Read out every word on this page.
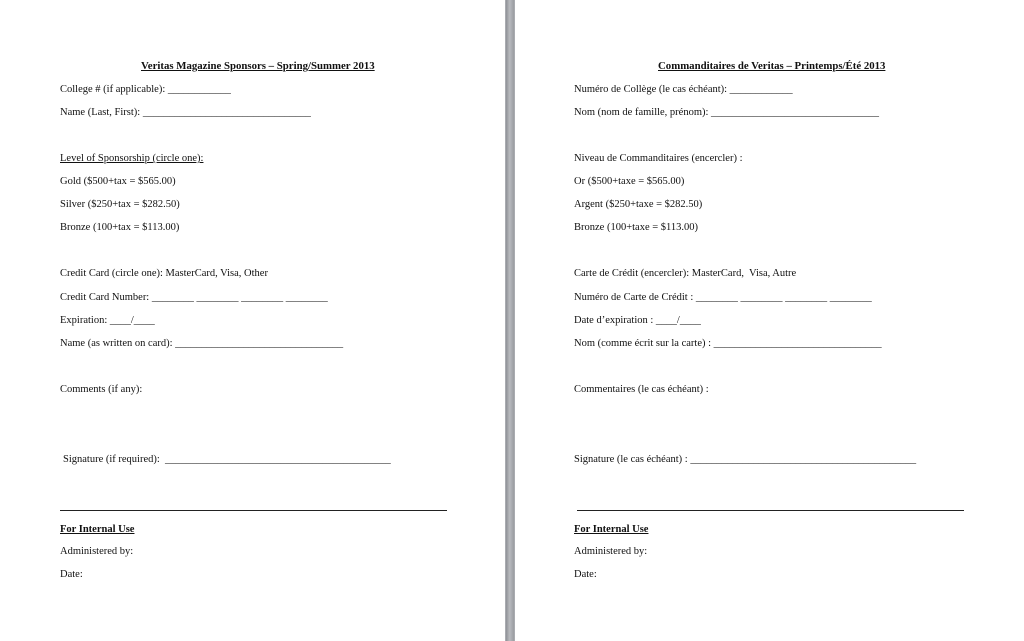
Veritas Magazine Sponsors – Spring/Summer 2013
College # (if applicable): ____________
Name (Last, First): ________________________________
Level of Sponsorship (circle one):
Gold ($500+tax = $565.00)
Silver ($250+tax = $282.50)
Bronze (100+tax = $113.00)
Credit Card (circle one): MasterCard, Visa, Other
Credit Card Number: ________ ________ ________ ________
Expiration: ____/____
Name (as written on card): ________________________________
Comments (if any):
Signature (if required):  ___________________________________________
For Internal Use
Administered by:
Date:
Commanditaires de Veritas – Printemps/Été 2013
Numéro de Collège (le cas échéant): ____________
Nom (nom de famille, prénom): ________________________________
Niveau de Commanditaires (encercler) :
Or ($500+taxe = $565.00)
Argent ($250+taxe = $282.50)
Bronze (100+taxe = $113.00)
Carte de Crédit (encercler): MasterCard,  Visa, Autre
Numéro de Carte de Crédit : ________ ________ ________ ________
Date d’expiration : ____/____
Nom (comme écrit sur la carte) : ________________________________
Commentaires (le cas échéant) :
Signature (le cas échéant) : ___________________________________________
For Internal Use
Administered by:
Date:
